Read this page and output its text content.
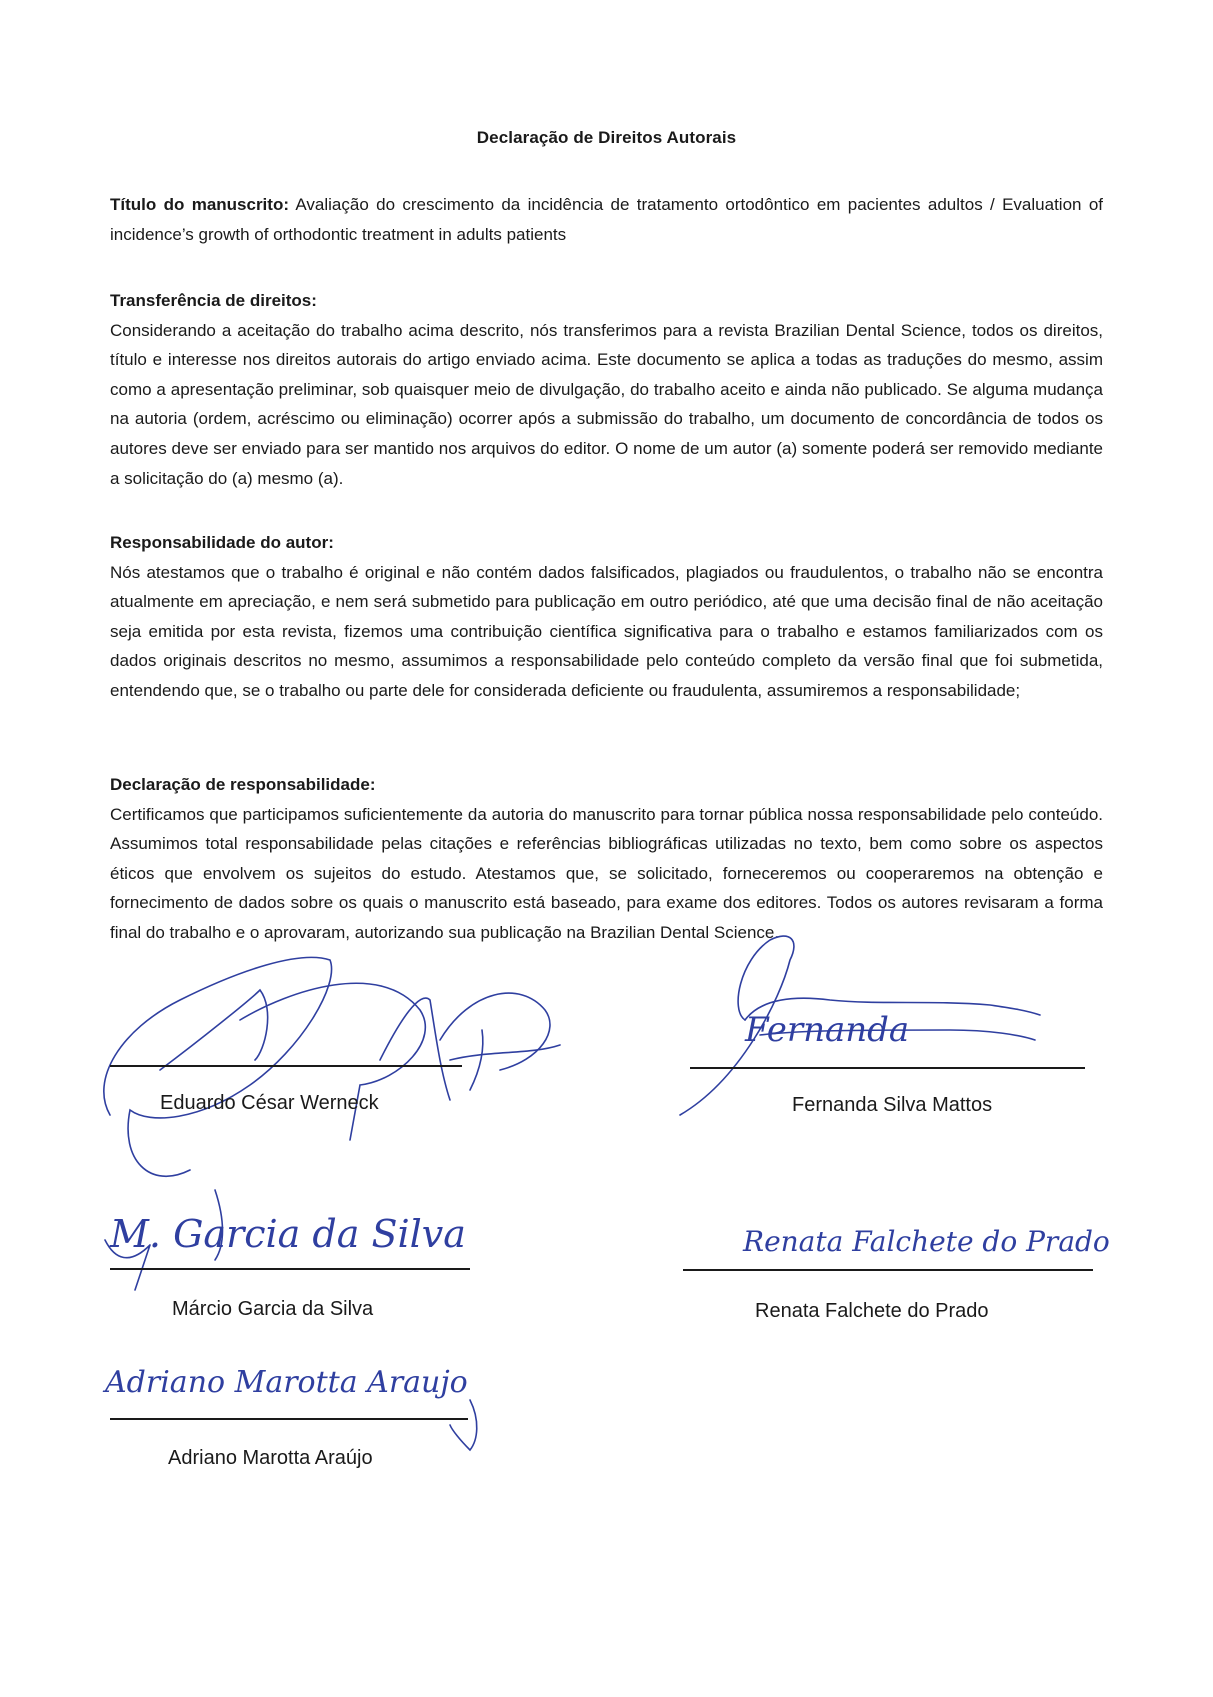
Declaração de Direitos Autorais

Título do manuscrito: Avaliação do crescimento da incidência de tratamento ortodôntico em pacientes adultos / Evaluation of incidence’s growth of orthodontic treatment in adults patients

Transferência de direitos:

Considerando a aceitação do trabalho acima descrito, nós transferimos para a revista Brazilian Dental Science, todos os direitos, título e interesse nos direitos autorais do artigo enviado acima. Este documento se aplica a todas as traduções do mesmo, assim como a apresentação preliminar, sob quaisquer meio de divulgação, do trabalho aceito e ainda não publicado. Se alguma mudança na autoria (ordem, acréscimo ou eliminação) ocorrer após a submissão do trabalho, um documento de concordância de todos os autores deve ser enviado para ser mantido nos arquivos do editor. O nome de um autor (a) somente poderá ser removido mediante a solicitação do (a) mesmo (a).

Responsabilidade do autor:

Nós atestamos que o trabalho é original e não contém dados falsificados, plagiados ou fraudulentos, o trabalho não se encontra atualmente em apreciação, e nem será submetido para publicação em outro periódico, até que uma decisão final de não aceitação seja emitida por esta revista, fizemos uma contribuição científica significativa para o trabalho e estamos familiarizados com os dados originais descritos no mesmo, assumimos a responsabilidade pelo conteúdo completo da versão final que foi submetida, entendendo que, se o trabalho ou parte dele for considerada deficiente ou fraudulenta, assumiremos a responsabilidade;

Declaração de responsabilidade:

Certificamos que participamos suficientemente da autoria do manuscrito para tornar pública nossa responsabilidade pelo conteúdo. Assumimos total responsabilidade pelas citações e referências bibliográficas utilizadas no texto, bem como sobre os aspectos éticos que envolvem os sujeitos do estudo. Atestamos que, se solicitado, forneceremos ou cooperaremos na obtenção e fornecimento de dados sobre os quais o manuscrito está baseado, para exame dos editores. Todos os autores revisaram a forma final do trabalho e o aprovaram, autorizando sua publicação na Brazilian Dental Science.

Eduardo César Werneck
Fernanda
Fernanda Silva Mattos
M. Garcia da Silva
Márcio Garcia da Silva
Renata Falchete do Prado
Renata Falchete do Prado
Adriano Marotta Araujo
Adriano Marotta Araújo
